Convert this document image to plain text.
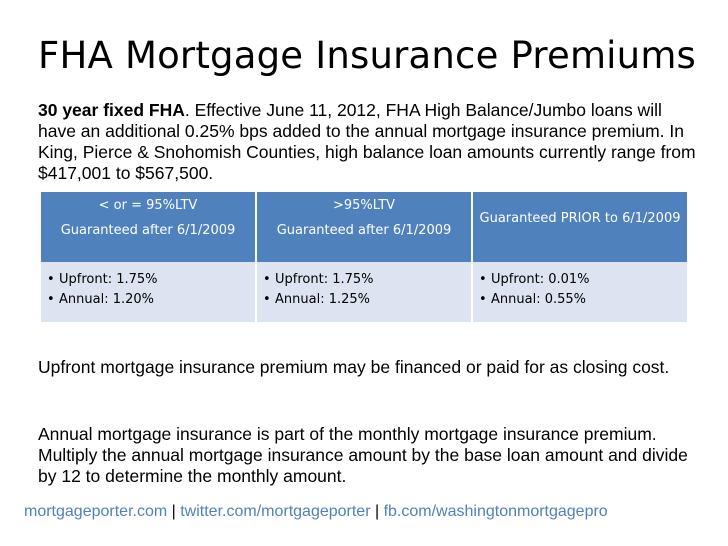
FHA Mortgage Insurance Premiums
30 year fixed FHA. Effective June 11, 2012, FHA High Balance/Jumbo loans will have an additional 0.25% bps added to the annual mortgage insurance premium. In King, Pierce & Snohomish Counties, high balance loan amounts currently range from $417,001 to $567,500.
< or = 95%LTV
Guaranteed after 6/1/2009
• Upfront: 1.75%
• Annual: 1.20%
>95%LTV
Guaranteed after 6/1/2009
• Upfront: 1.75%
• Annual: 1.25%
Guaranteed PRIOR to 6/1/2009
• Upfront: 0.01%
• Annual: 0.55%
Upfront mortgage insurance premium may be financed or paid for as closing cost.
Annual mortgage insurance is part of the monthly mortgage insurance premium. Multiply the annual mortgage insurance amount by the base loan amount and divide by 12 to determine the monthly amount.
mortgageporter.com | twitter.com/mortgageporter | fb.com/washingtonmortgagepro
